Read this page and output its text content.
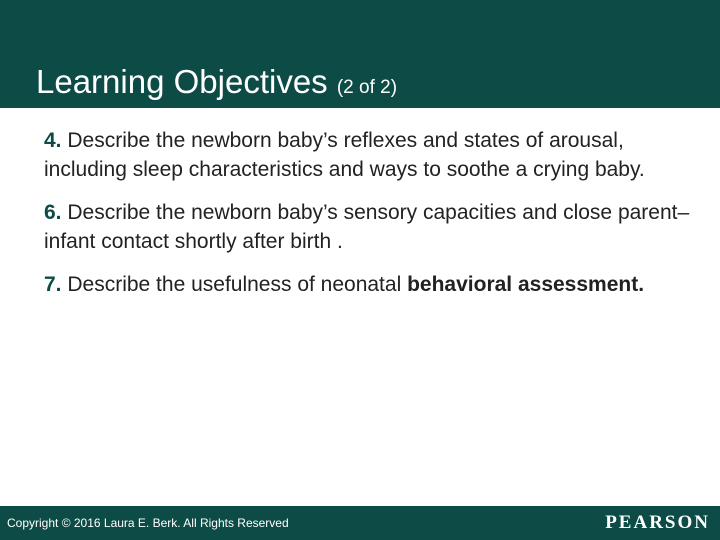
Learning Objectives (2 of 2)

4. Describe the newborn baby’s reflexes and states of arousal, including sleep characteristics and ways to soothe a crying baby.

6. Describe the newborn baby’s sensory capacities and close parent–infant contact shortly after birth .

7. Describe the usefulness of neonatal behavioral assessment.

Copyright © 2016 Laura E. Berk. All Rights Reserved	PEARSON
